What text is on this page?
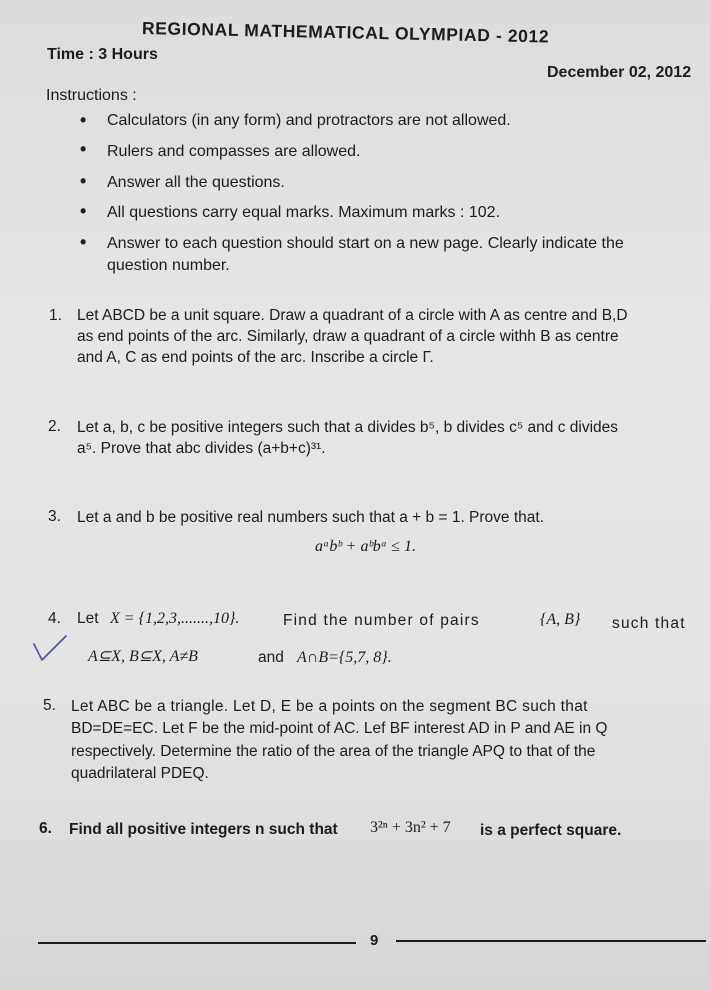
REGIONAL MATHEMATICAL OLYMPIAD - 2012
Time : 3 Hours
December 02, 2012
Instructions :
• Calculators (in any form) and protractors are not allowed.
• Rulers and compasses are allowed.
• Answer all the questions.
• All questions carry equal marks. Maximum marks : 102.
• Answer to each question should start on a new page. Clearly indicate the
question number.
1. Let ABCD be a unit square. Draw a quadrant of a circle with A as centre and B,D
as end points of the arc. Similarly, draw a quadrant of a circle withh B as centre
and A, C as end points of the arc. Inscribe a circle Γ.
2. Let a, b, c be positive integers such that a divides b⁵, b divides c⁵ and c divides
a⁵. Prove that abc divides (a+b+c)³¹.
3. Let a and b be positive real numbers such that a + b = 1. Prove that.
aᵃbᵇ + aᵇbᵃ ≤ 1.
4. Let X = {1,2,3,.......,10}.	Find the number of pairs	{A, B} such that
A⊆X, B⊆X, A≠B	and A∩B={5,7, 8}.
5. Let ABC be a triangle. Let D, E be a points on the segment BC such that
BD=DE=EC. Let F be the mid-point of AC. Lef BF interest AD in P and AE in Q
respectively. Determine the ratio of the area of the triangle APQ to that of the
quadrilateral PDEQ.
6. Find all positive integers n such that 3²ⁿ + 3n² + 7 is a perfect square.
9
